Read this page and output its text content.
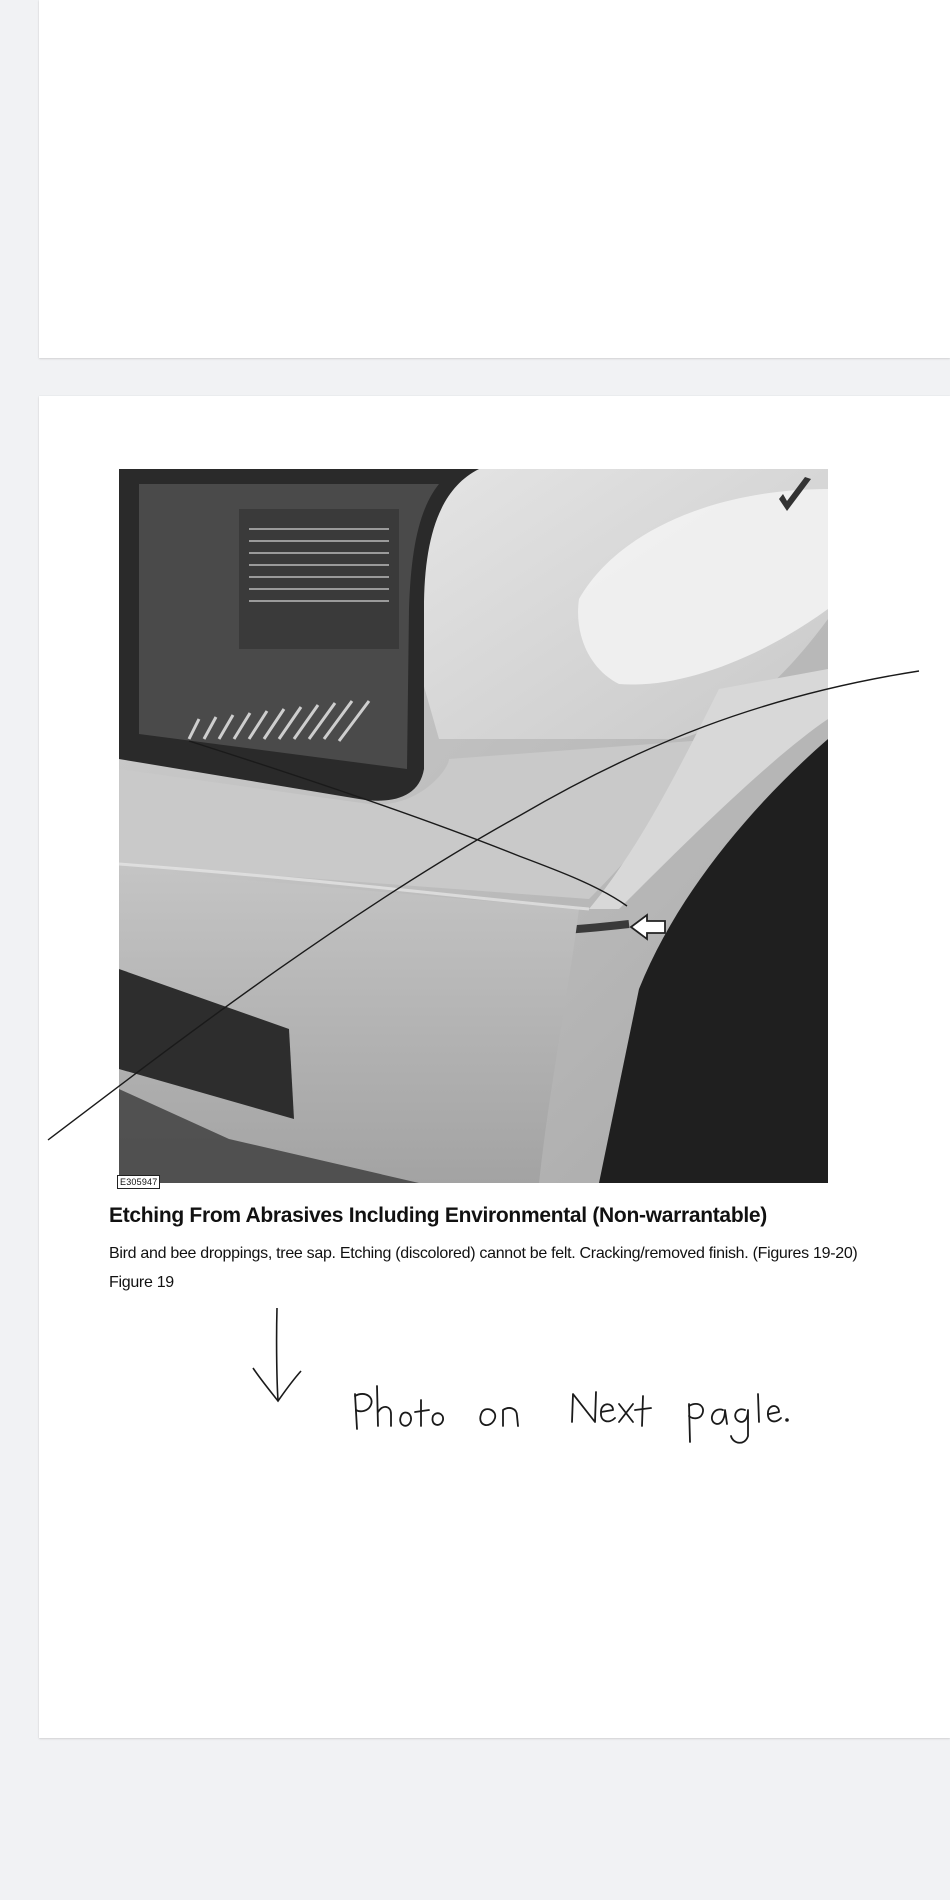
E305947
Etching From Abrasives Including Environmental (Non-warrantable)

Bird and bee droppings, tree sap. Etching (discolored) cannot be felt. Cracking/removed finish. (Figures 19-20)

Figure 19
